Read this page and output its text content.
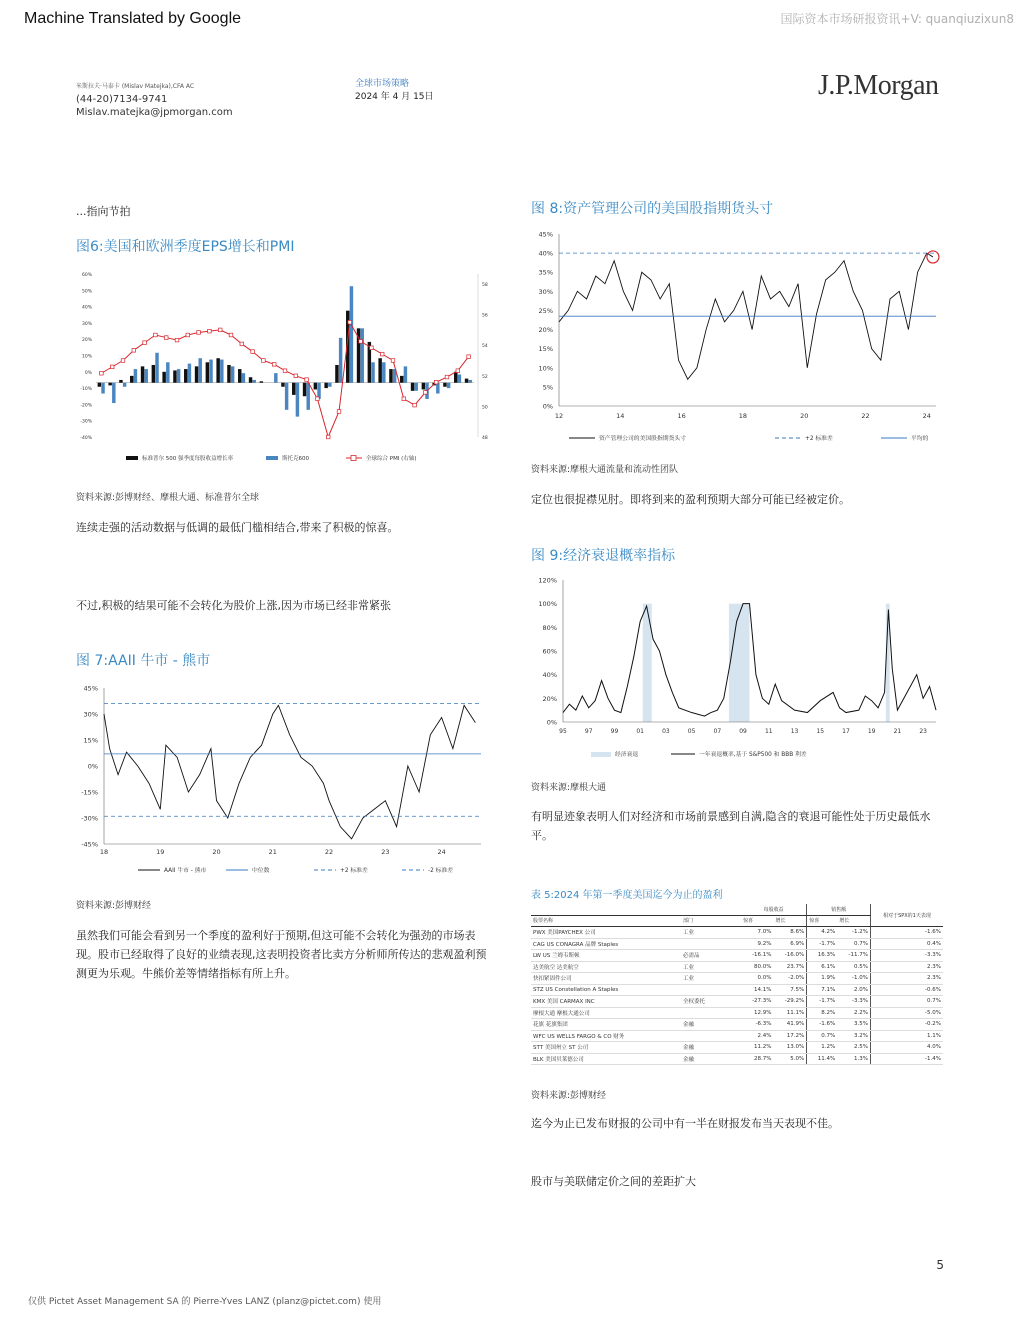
Machine Translated by Google	国际资本市场研报资讯+V: quanqiuzixun8
米斯拉夫·马泰卡 (Mislav Matejka),CFA AC
(44-20)7134-9741
Mislav.matejka@jpmorgan.com
全球市场策略
2024 年 4 月 15日	J.P.Morgan
...指向节拍
图6:美国和欧洲季度EPS增长和PMI
60%
50%
40%
30%
20%
10%
0%
-10%
-20%
-30%
-40%
58
56
54
52
50
48
标准普尔 500 强季度每股收益增长率	斯托克600	全球综合 PMI (右轴)
资料来源:彭博财经、摩根大通、标准普尔全球
连续走强的活动数据与低调的最低门槛相结合,带来了积极的惊喜。
不过,积极的结果可能不会转化为股价上涨,因为市场已经非常紧张
图 7:AAII 牛市 - 熊市
45%
30%
15%
0%
-15%
-30%
-45%
18	19	20	21	22	23	24
AAII 牛市 - 熊市	中位数	+2 标准差	-2 标准差
资料来源:彭博财经
虽然我们可能会看到另一个季度的盈利好于预期,但这可能不会转化为强劲的市场表现。股市已经取得了良好的业绩表现,这表明投资者比卖方分析师所传达的悲观盈利预测更为乐观。牛熊价差等情绪指标有所上升。
图 8:资产管理公司的美国股指期货头寸
45%
40%
35%
30%
25%
20%
15%
10%
5%
0%
12	14	16	18	20	22	24
资产管理公司的美国股指期货头寸	+2 标准差	平均的
资料来源:摩根大通流量和流动性团队
定位也很捉襟见肘。即将到来的盈利预期大部分可能已经被定价。
图 9:经济衰退概率指标
120%
100%
80%
60%
40%
20%
0%
95	97	99	01	03	05	07	09	11	13	15	17	19	21	23
经济衰退	一年衰退概率,基于 S&P500 和 BBB 利差
资料来源:摩根大通
有明显迹象表明人们对经济和市场前景感到自满,隐含的衰退可能性处于历史最低水平。
表 5:2024 年第一季度美国迄今为止的盈利
		每股收益		销售额		相对于SPX的1天表现
股票名称	部门	惊喜	增长	惊喜	增长	
PWX 美国PAYCHEX 公司	工业	7.0%	8.6%	4.2%	-1.2%	-1.6%
CAG US CONAGRA 品牌 Staples		9.2%	6.9%	-1.7%	0.7%	0.4%
LW US 兰姆韦斯顿	必需品	-16.1%	-16.0%	16.3%	-11.7%	-3.3%
达美航空 达美航空	工业	80.0%	23.7%	6.1%	0.5%	2.3%
快扣紧固件公司	工业	0.0%	-2.0%	1.9%	-1.0%	2.3%
STZ US Constellation A Staples		14.1%	7.5%	7.1%	2.0%	-0.6%
KMX 美国 CARMAX INC	全权委托	-27.3%	-29.2%	-1.7%	-3.3%	0.7%
摩根大通 摩根大通公司		12.9%	11.1%	8.2%	2.2%	-5.0%
花旗 花旗集团	金融	-6.3%	41.9%	-1.6%	3.5%	-0.2%
WFC US WELLS FARGO & CO 财务		2.4%	17.2%	0.7%	3.2%	1.1%
STT 美国州立 ST 公司	金融	11.2%	13.0%	1.2%	2.5%	4.0%
BLK 美国贝莱德公司	金融	28.7%	5.0%	11.4%	1.3%	-1.4%
资料来源:彭博财经
迄今为止已发布财报的公司中有一半在财报发布当天表现不佳。
股市与美联储定价之间的差距扩大
5
仅供 Pictet Asset Management SA 的 Pierre-Yves LANZ (planz@pictet.com) 使用
